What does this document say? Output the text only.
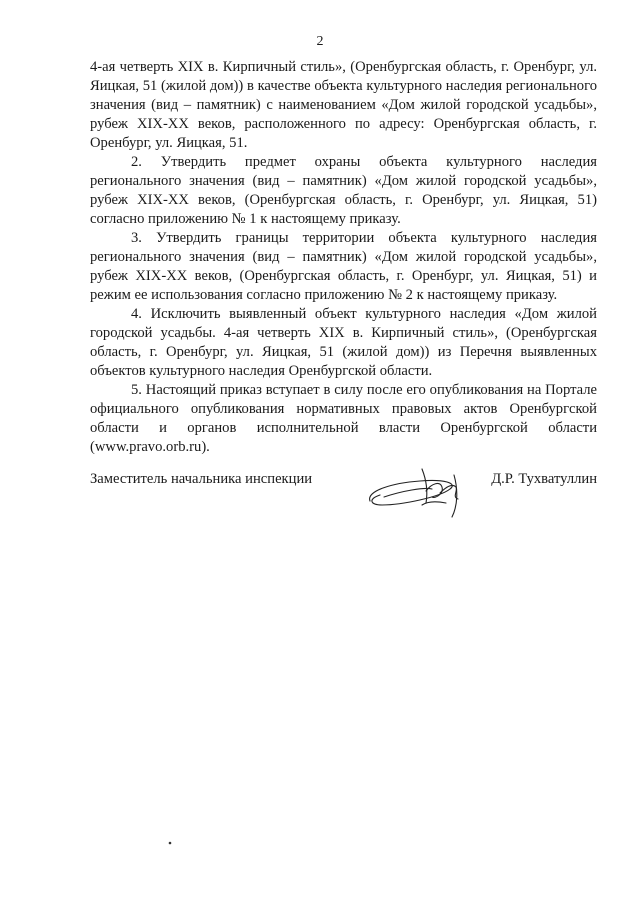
2

4-ая четверть XIX в. Кирпичный стиль», (Оренбургская область, г. Оренбург, ул. Яицкая, 51 (жилой дом)) в качестве объекта культурного наследия регионального значения (вид – памятник) с наименованием «Дом жилой городской усадьбы», рубеж XIX-XX веков, расположенного по адресу: Оренбургская область, г. Оренбург, ул. Яицкая, 51.

2. Утвердить предмет охраны объекта культурного наследия регионального значения (вид – памятник) «Дом жилой городской усадьбы», рубеж XIX-XX веков, (Оренбургская область, г. Оренбург, ул. Яицкая, 51) согласно приложению № 1 к настоящему приказу.

3. Утвердить границы территории объекта культурного наследия регионального значения (вид – памятник) «Дом жилой городской усадьбы», рубеж XIX-XX веков, (Оренбургская область, г. Оренбург, ул. Яицкая, 51) и режим ее использования согласно приложению № 2 к настоящему приказу.

4. Исключить выявленный объект культурного наследия «Дом жилой городской усадьбы. 4-ая четверть XIX в. Кирпичный стиль», (Оренбургская область, г. Оренбург, ул. Яицкая, 51 (жилой дом)) из Перечня выявленных объектов культурного наследия Оренбургской области.

5. Настоящий приказ вступает в силу после его опубликования на Портале официального опубликования нормативных правовых актов Оренбургской области и органов исполнительной власти Оренбургской области (www.pravo.orb.ru).

Заместитель начальника инспекции	Д.Р. Тухватуллин
